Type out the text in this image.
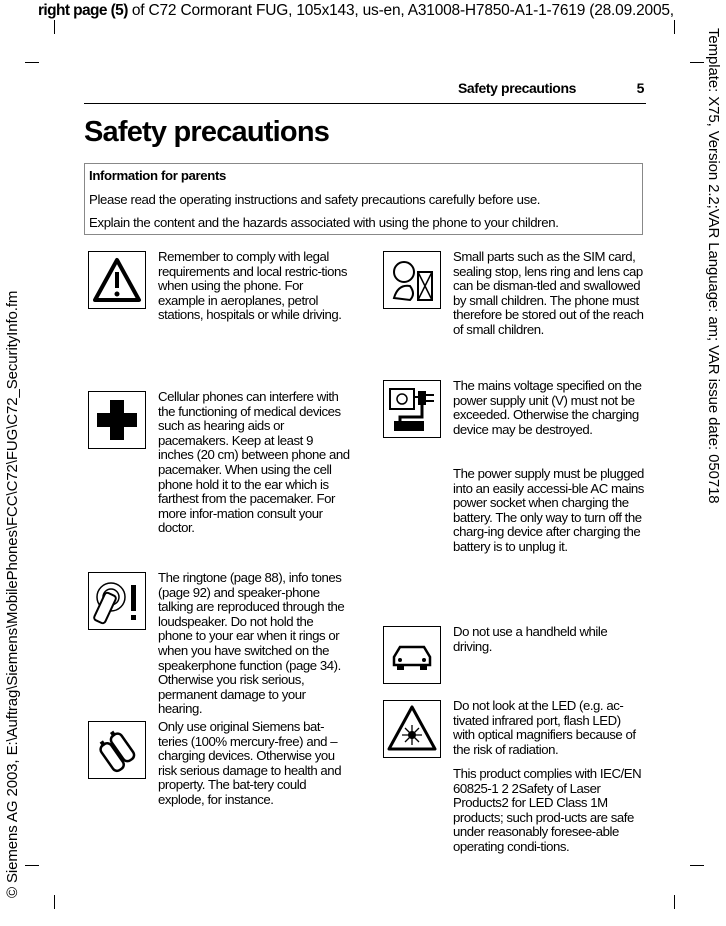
right page (5) of C72 Cormorant FUG, 105x143, us-en, A31008-H7850-A1-1-7619 (28.09.2005,
© Siemens AG 2003, E:\Auftrag\Siemens\MobilePhones\FCC\C72\FUG\C72_SecurityInfo.fm
Template: X75, Version 2.2;VAR Language: am; VAR issue date: 050718
Safety precautions	5
Safety precautions
Information for parents
Please read the operating instructions and safety precautions carefully before use.
Explain the content and the hazards associated with using the phone to your children.
Remember to comply with legal requirements and local restric-tions when using the phone. For example in aeroplanes, petrol stations, hospitals or while driving.
Cellular phones can interfere with the functioning of medical devices such as hearing aids or pacemakers. Keep at least 9 inches (20 cm) between phone and pacemaker. When using the cell phone hold it to the ear which is farthest from the pacemaker. For more infor-mation consult your doctor.
The ringtone (page 88), info tones (page 92) and speaker-phone talking are reproduced through the loudspeaker. Do not hold the phone to your ear when it rings or when you have switched on the speakerphone function (page 34). Otherwise you risk serious, permanent damage to your hearing.
Only use original Siemens bat-teries (100% mercury-free) and – charging devices. Otherwise you risk serious damage to health and property. The bat-tery could explode, for instance.
Small parts such as the SIM card, sealing stop, lens ring and lens cap can be disman-tled and swallowed by small children. The phone must therefore be stored out of the reach of small children.
The mains voltage specified on the power supply unit (V) must not be exceeded. Otherwise the charging device may be destroyed.
The power supply must be plugged into an easily accessi-ble AC mains power socket when charging the battery. The only way to turn off the charg-ing device after charging the battery is to unplug it.
Do not use a handheld while driving.
Do not look at the LED (e.g. ac-tivated infrared port, flash LED) with optical magnifiers because of the risk of radiation.
This product complies with IEC/EN 60825-1 2 2Safety of Laser Products2 for LED Class 1M products; such prod-ucts are safe under reasonably foresee-able operating condi-tions.
